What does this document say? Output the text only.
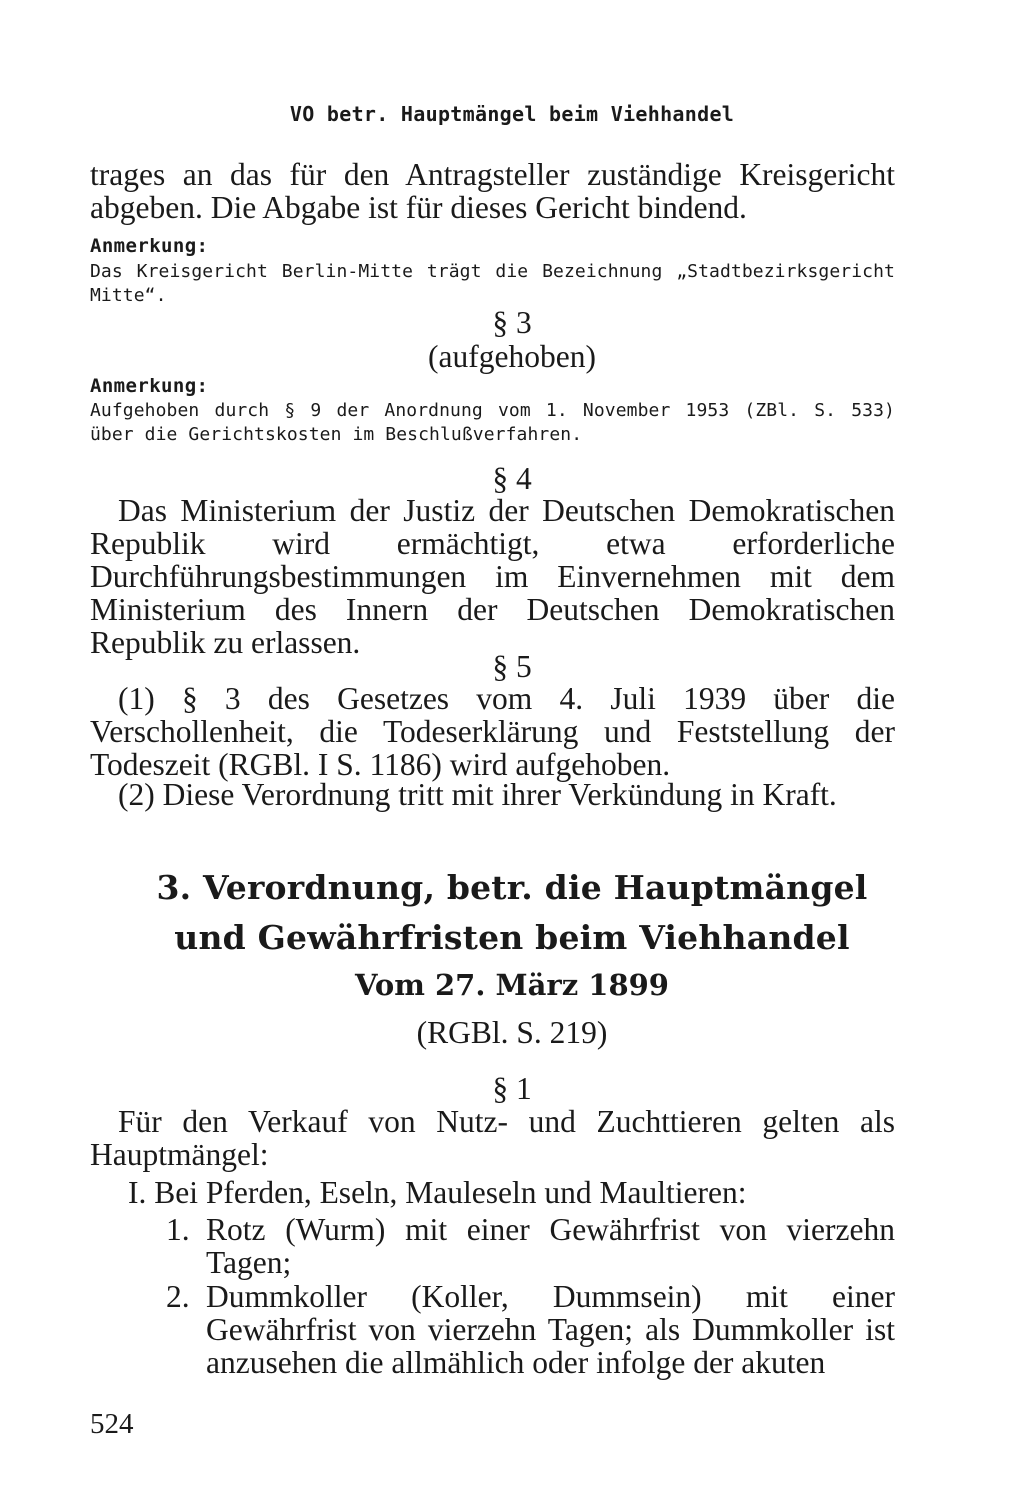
VO betr. Hauptmängel beim Viehhandel
trages an das für den Antragsteller zuständige Kreisgericht abgeben. Die Abgabe ist für dieses Gericht bindend.
Anmerkung:
Das Kreisgericht Berlin-Mitte trägt die Bezeichnung „Stadtbezirksgericht Mitte“.
§ 3
(aufgehoben)
Anmerkung:
Aufgehoben durch § 9 der Anordnung vom 1. November 1953 (ZBl. S. 533) über die Gerichtskosten im Beschlußverfahren.
§ 4
Das Ministerium der Justiz der Deutschen Demokratischen Republik wird ermächtigt, etwa erforderliche Durchführungsbestimmungen im Einvernehmen mit dem Ministerium des Innern der Deutschen Demokratischen Republik zu erlassen.
§ 5
(1) § 3 des Gesetzes vom 4. Juli 1939 über die Verschollenheit, die Todeserklärung und Feststellung der Todeszeit (RGBl. I S. 1186) wird aufgehoben.
(2) Diese Verordnung tritt mit ihrer Verkündung in Kraft.
3. Verordnung, betr. die Hauptmängel
und Gewährfristen beim Viehhandel
Vom 27. März 1899
(RGBl. S. 219)
§ 1
Für den Verkauf von Nutz- und Zuchttieren gelten als Hauptmängel:
I. Bei Pferden, Eseln, Mauleseln und Maultieren:
1. Rotz (Wurm) mit einer Gewährfrist von vierzehn Tagen;
2. Dummkoller (Koller, Dummsein) mit einer Gewährfrist von vierzehn Tagen; als Dummkoller ist anzusehen die allmählich oder infolge der akuten
524
